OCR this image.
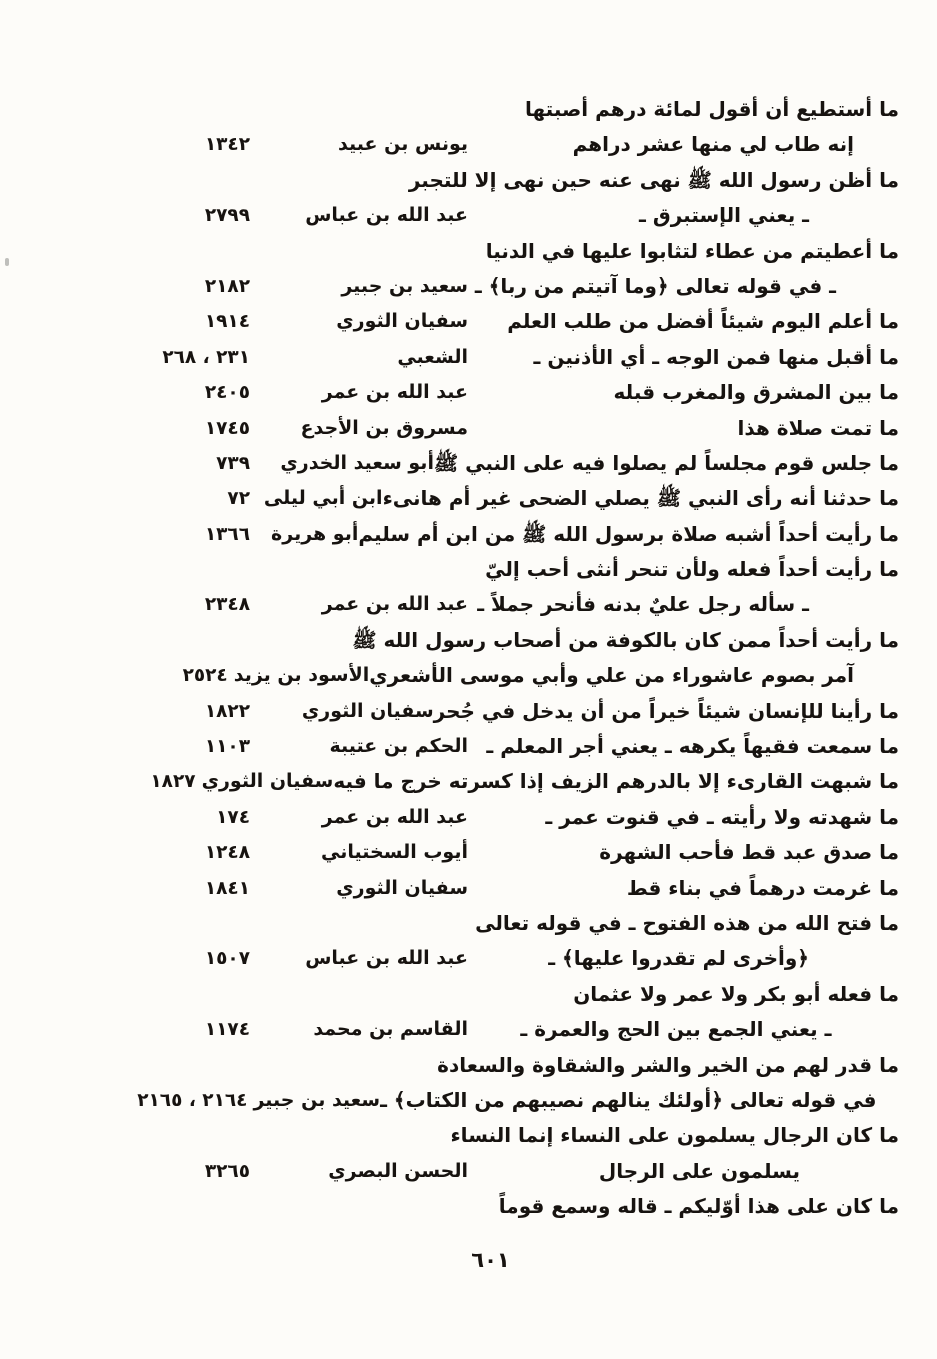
ما أستطيع أن أقول لمائة درهم أصبتها
إنه طاب لي منها عشر دراهم
يونس بن عبيد
١٣٤٢
ما أظن رسول الله ﷺ نهى عنه حين نهى إلا للتجبر
ـ يعني الإستبرق ـ
عبد الله بن عباس
٢٧٩٩
ما أعطيتم من عطاء لتثابوا عليها في الدنيا
ـ في قوله تعالى ﴿وما آتيتم من ربا﴾ ـ
سعيد بن جبير
٢١٨٢
ما أعلم اليوم شيئاً أفضل من طلب العلم
سفيان الثوري
١٩١٤
ما أقبل منها فمن الوجه ـ أي الأذنين ـ
الشعبي
٢٣١ ، ٢٦٨
ما بين المشرق والمغرب قبله
عبد الله بن عمر
٢٤٠٥
ما تمت صلاة هذا
مسروق بن الأجدع
١٧٤٥
ما جلس قوم مجلساً لم يصلوا فيه على النبي ﷺ
أبو سعيد الخدري
٧٣٩
ما حدثنا أنه رأى النبي ﷺ يصلي الضحى غير أم هانىء
ابن أبي ليلى
٧٢
ما رأيت أحداً أشبه صلاة برسول الله ﷺ من ابن أم سليم
أبو هريرة
١٣٦٦
ما رأيت أحداً فعله ولأن تنحر أنثى أحب إليّ
ـ سأله رجل عليٌ بدنه فأنحر جملاً ـ
عبد الله بن عمر
٢٣٤٨
ما رأيت أحداً ممن كان بالكوفة من أصحاب رسول الله ﷺ
آمر بصوم عاشوراء من علي وأبي موسى الأشعري
الأسود بن يزيد
٢٥٢٤
ما رأينا للإنسان شيئاً خيراً من أن يدخل في جُحر
سفيان الثوري
١٨٢٢
ما سمعت فقيهاً يكرهه ـ يعني أجر المعلم ـ
الحكم بن عتيبة
١١٠٣
ما شبهت القارىء إلا بالدرهم الزيف إذا كسرته خرج ما فيه
سفيان الثوري
١٨٢٧
ما شهدته ولا رأيته ـ في قنوت عمر ـ
عبد الله بن عمر
١٧٤
ما صدق عبد قط فأحب الشهرة
أيوب السختياني
١٢٤٨
ما غرمت درهماً في بناء قط
سفيان الثوري
١٨٤١
ما فتح الله من هذه الفتوح ـ في قوله تعالى
﴿وأخرى لم تقدروا عليها﴾ ـ
عبد الله بن عباس
١٥٠٧
ما فعله أبو بكر ولا عمر ولا عثمان
ـ يعني الجمع بين الحج والعمرة ـ
القاسم بن محمد
١١٧٤
ما قدر لهم من الخير والشر والشقاوة والسعادة
في قوله تعالى ﴿أولئك ينالهم نصيبهم من الكتاب﴾ ـ
سعيد بن جبير
٢١٦٤ ، ٢١٦٥
ما كان الرجال يسلمون على النساء إنما النساء
يسلمون على الرجال
الحسن البصري
٣٢٦٥
ما كان على هذا أوّليكم ـ قاله وسمع قوماً
٦٠١
